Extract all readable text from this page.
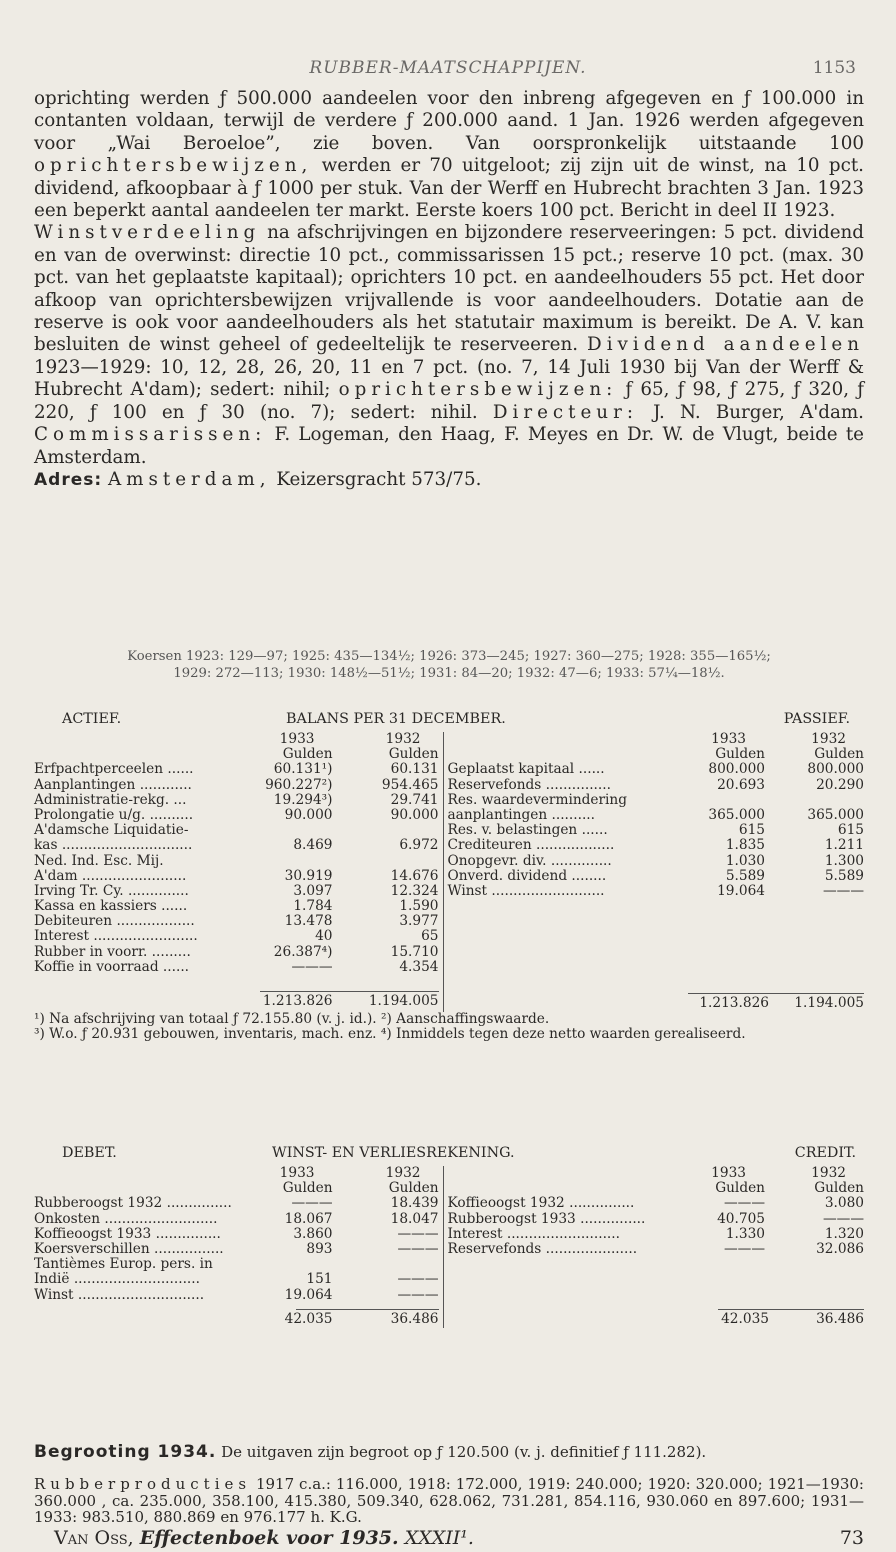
RUBBER-MAATSCHAPPIJEN.	1153

oprichting werden ƒ 500.000 aandeelen voor den inbreng afgegeven en ƒ 100.000 in contanten voldaan, terwijl de verdere ƒ 200.000 aand. 1 Jan. 1926 werden afgegeven voor „Wai Beroeloe”, zie boven. Van oorspronkelijk uitstaande 100 oprichtersbewijzen, werden er 70 uitgeloot; zij zijn uit de winst, na 10 pct. dividend, afkoopbaar à ƒ 1000 per stuk. Van der Werff en Hubrecht brachten 3 Jan. 1923 een beperkt aantal aandeelen ter markt. Eerste koers 100 pct. Bericht in deel II 1923.

Winstverdeeling na afschrijvingen en bijzondere reserveeringen: 5 pct. dividend en van de overwinst: directie 10 pct., commissarissen 15 pct.; reserve 10 pct. (max. 30 pct. van het geplaatste kapitaal); oprichters 10 pct. en aandeelhouders 55 pct. Het door afkoop van oprichtersbewijzen vrijvallende is voor aandeelhouders. Dotatie aan de reserve is ook voor aandeelhouders als het statutair maximum is bereikt. De A. V. kan besluiten de winst geheel of gedeeltelijk te reserveeren. Dividend aandeelen 1923—1929: 10, 12, 28, 26, 20, 11 en 7 pct. (no. 7, 14 Juli 1930 bij Van der Werff & Hubrecht A'dam); sedert: nihil; oprichtersbewijzen: ƒ 65, ƒ 98, ƒ 275, ƒ 320, ƒ 220, ƒ 100 en ƒ 30 (no. 7); sedert: nihil. Directeur: J. N. Burger, A'dam. Commissarissen: F. Logeman, den Haag, F. Meyes en Dr. W. de Vlugt, beide te Amsterdam.

Adres: Amsterdam, Keizersgracht 573/75.

Koersen 1923: 129—97; 1925: 435—134½; 1926: 373—245; 1927: 360—275; 1928: 355—165½;
1929: 272—113; 1930: 148½—51½; 1931: 84—20; 1932: 47—6; 1933: 57¼—18½.
ACTIEF.	BALANS PER 31 DECEMBER.	PASSIEF.
1933	1932
Gulden	Gulden
Erfpachtperceelen ......	60.131¹)	60.131
Aanplantingen ............	960.227²)	954.465
Administratie-rekg. ...	19.294³)	29.741
Prolongatie u/g. ..........	90.000	90.000
A'damsche Liquidatie-
kas ..............................	8.469	6.972
Ned. Ind. Esc. Mij.
A'dam ........................	30.919	14.676
Irving Tr. Cy. ..............	3.097	12.324
Kassa en kassiers ......	1.784	1.590
Debiteuren ..................	13.478	3.977
Interest ........................	40	65
Rubber in voorr. .........	26.387⁴)	15.710
Koffie in voorraad ......	———	4.354
1.213.826	1.194.005
1933	1932
Gulden	Gulden
Geplaatst kapitaal ......	800.000	800.000
Reservefonds ...............	20.693	20.290
Res. waardevermindering
aanplantingen ..........	365.000	365.000
Res. v. belastingen ......	615	615
Crediteuren ..................	1.835	1.211
Onopgevr. div. ..............	1.030	1.300
Onverd. dividend ........	5.589	5.589
Winst ..........................	19.064	———
1.213.826 1.194.005
¹) Na afschrijving van totaal ƒ 72.155.80 (v. j. id.). ²) Aanschaffingswaarde.
³) W.o. ƒ 20.931 gebouwen, inventaris, mach. enz. ⁴) Inmiddels tegen deze netto waarden gerealiseerd.
DEBET.	WINST- EN VERLIESREKENING.	CREDIT.
1933	1932
Gulden	Gulden
Rubberoogst 1932 ...............	———	18.439
Onkosten ..........................	18.067	18.047
Koffieoogst 1933 ...............	3.860	———
Koersverschillen ................	893	———
Tantièmes Europ. pers. in
Indië .............................	151	———
Winst .............................	19.064	———
42.035	36.486
1933	1932
Gulden	Gulden
Koffieoogst 1932 ...............	———	3.080
Rubberoogst 1933 ...............	40.705	———
Interest ..........................	1.330	1.320
Reservefonds .....................	———	32.086
42.035	36.486
Begrooting 1934. De uitgaven zijn begroot op ƒ 120.500 (v. j. definitief ƒ 111.282).
Rubberproducties 1917 c.a.: 116.000, 1918: 172.000, 1919: 240.000; 1920: 320.000; 1921—1930: 360.000 , ca. 235.000, 358.100, 415.380, 509.340, 628.062, 731.281, 854.116, 930.060 en 897.600; 1931—1933: 983.510, 880.869 en 976.177 h. K.G.
Van Oss, Effectenboek voor 1935. XXXII¹.	73
